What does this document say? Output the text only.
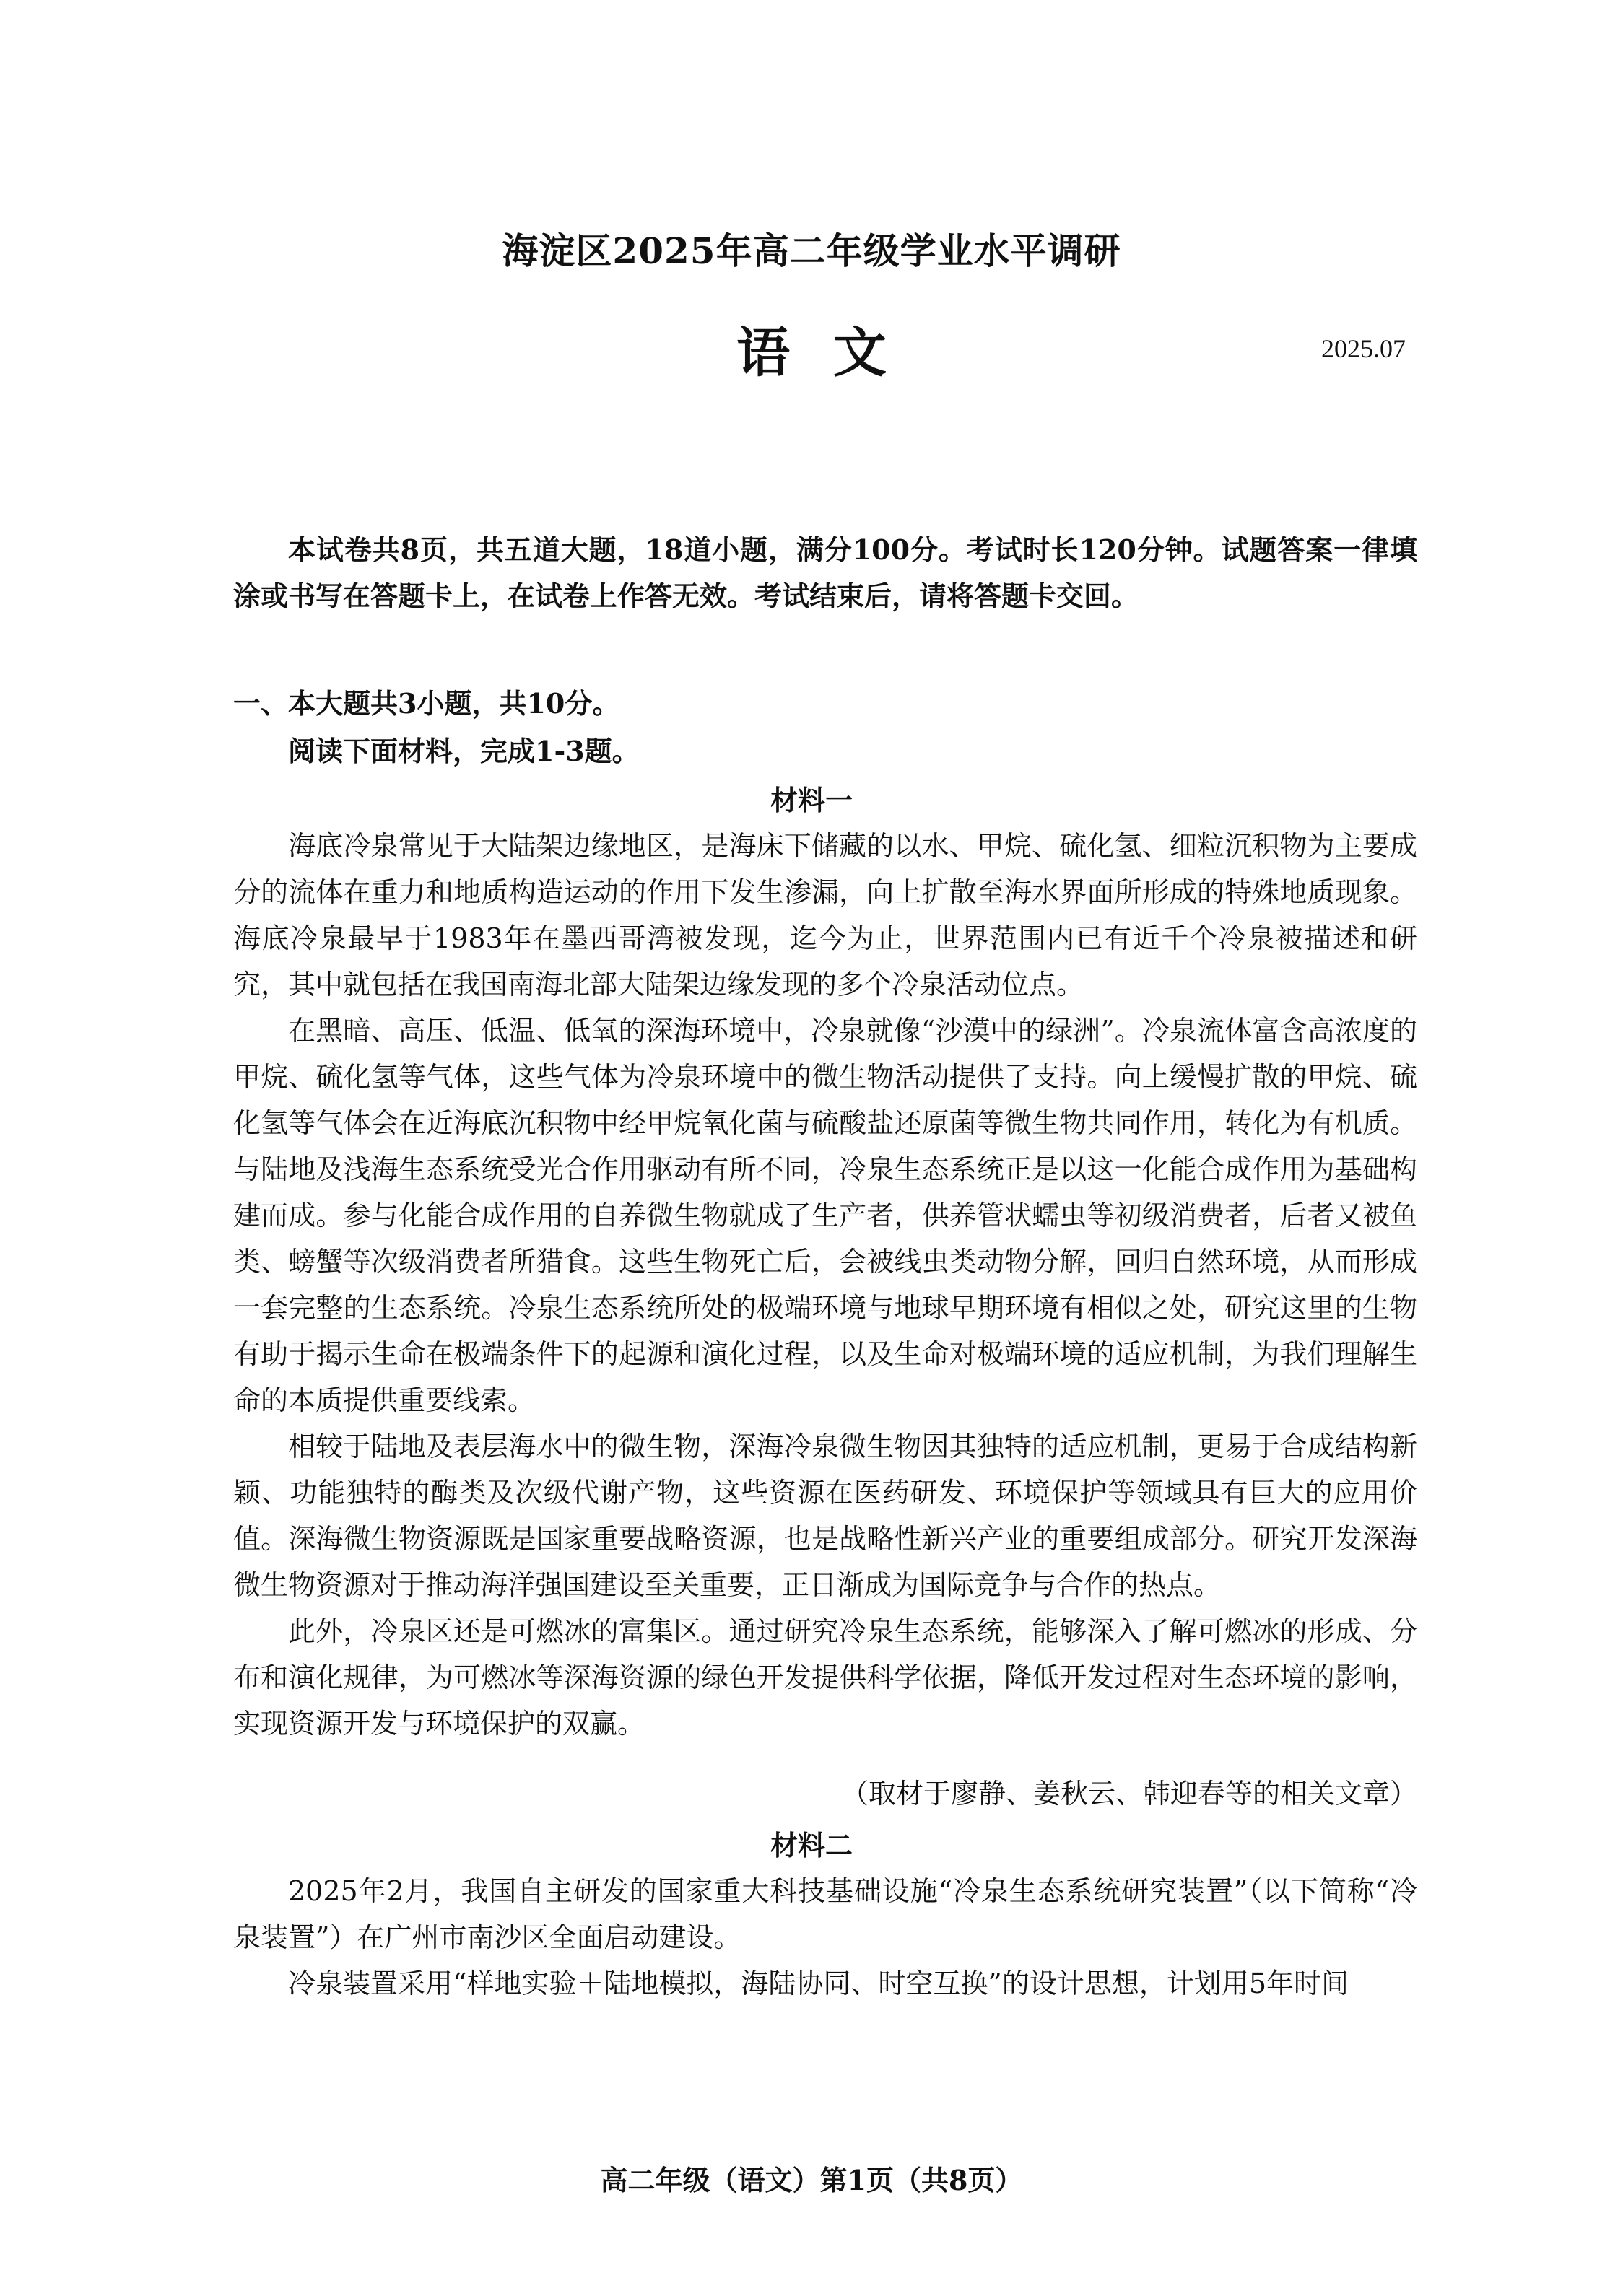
海淀区2025年高二年级学业水平调研
语文	2025.07

本试卷共8页，共五道大题，18道小题，满分100分。考试时长120分钟。试题答案一律填涂或书写在答题卡上，在试卷上作答无效。考试结束后，请将答题卡交回。

一、本大题共3小题，共10分。

阅读下面材料，完成1-3题。

材料一

海底冷泉常见于大陆架边缘地区，是海床下储藏的以水、甲烷、硫化氢、细粒沉积物为主要成分的流体在重力和地质构造运动的作用下发生渗漏，向上扩散至海水界面所形成的特殊地质现象。海底冷泉最早于1983年在墨西哥湾被发现，迄今为止，世界范围内已有近千个冷泉被描述和研究，其中就包括在我国南海北部大陆架边缘发现的多个冷泉活动位点。

在黑暗、高压、低温、低氧的深海环境中，冷泉就像“沙漠中的绿洲”。冷泉流体富含高浓度的甲烷、硫化氢等气体，这些气体为冷泉环境中的微生物活动提供了支持。向上缓慢扩散的甲烷、硫化氢等气体会在近海底沉积物中经甲烷氧化菌与硫酸盐还原菌等微生物共同作用，转化为有机质。与陆地及浅海生态系统受光合作用驱动有所不同，冷泉生态系统正是以这一化能合成作用为基础构建而成。参与化能合成作用的自养微生物就成了生产者，供养管状蠕虫等初级消费者，后者又被鱼类、螃蟹等次级消费者所猎食。这些生物死亡后，会被线虫类动物分解，回归自然环境，从而形成一套完整的生态系统。冷泉生态系统所处的极端环境与地球早期环境有相似之处，研究这里的生物有助于揭示生命在极端条件下的起源和演化过程，以及生命对极端环境的适应机制，为我们理解生命的本质提供重要线索。

相较于陆地及表层海水中的微生物，深海冷泉微生物因其独特的适应机制，更易于合成结构新颖、功能独特的酶类及次级代谢产物，这些资源在医药研发、环境保护等领域具有巨大的应用价值。深海微生物资源既是国家重要战略资源，也是战略性新兴产业的重要组成部分。研究开发深海微生物资源对于推动海洋强国建设至关重要，正日渐成为国际竞争与合作的热点。

此外，冷泉区还是可燃冰的富集区。通过研究冷泉生态系统，能够深入了解可燃冰的形成、分布和演化规律，为可燃冰等深海资源的绿色开发提供科学依据，降低开发过程对生态环境的影响，实现资源开发与环境保护的双赢。

（取材于廖静、姜秋云、韩迎春等的相关文章）

材料二

2025年2月，我国自主研发的国家重大科技基础设施“冷泉生态系统研究装置”（以下简称“冷泉装置”）在广州市南沙区全面启动建设。

冷泉装置采用“样地实验＋陆地模拟，海陆协同、时空互换”的设计思想，计划用5年时间

高二年级（语文）第1页（共8页）
